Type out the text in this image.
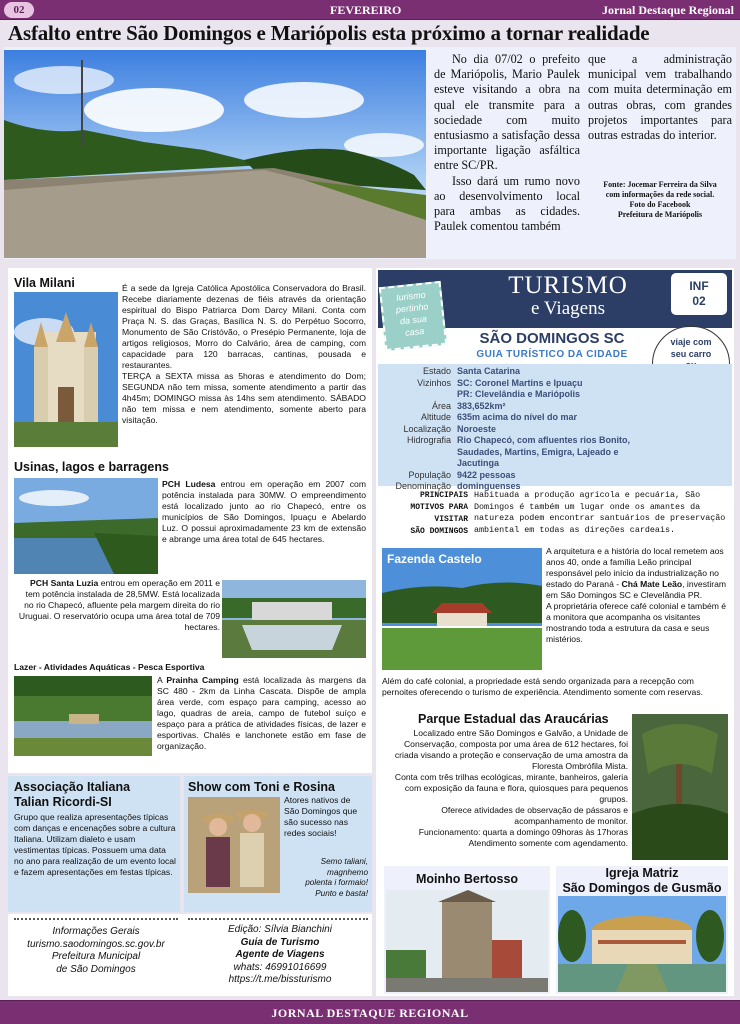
02	FEVEREIRO	Jornal Destaque Regional
Asfalto entre São Domingos e Mariópolis esta próximo a tornar realidade

No dia 07/02 o prefeito de Mariópolis, Mario Paulek esteve visitando a obra na qual ele transmite para a sociedade com muito entusiasmo a satisfação dessa importante ligação asfáltica entre SC/PR.

Isso dará um rumo novo ao desenvolvimento local para ambas as cidades. Paulek comentou também

que a administração municipal vem trabalhando com muita determinação em outras obras, com grandes projetos importantes para outras estradas do interior.

Fonte: Jocemar Ferreira da Silva
com informações da rede social.
Foto do Facebook
Prefeitura de Mariópolis
Vila Milani	É a sede da Igreja Católica Apostólica Conservadora do Brasil. Recebe diariamente dezenas de fiéis através da orientação espiritual do Bispo Patriarca Dom Darcy Milani. Conta com Praça N. S. das Graças, Basílica N. S. do Perpétuo Socorro, Monumento de São Cristóvão, o Presépio Permanente, loja de artigos religiosos, Morro do Calvário, área de camping, com capacidade para 120 barracas, cantinas, pousada e restaurantes.

TERÇA a SEXTA missa as 5horas e atendimento do Dom; SEGUNDA não tem missa, somente atendimento a partir das 4h45m; DOMINGO missa às 14hs sem atendimento. SÁBADO não tem missa e nem atendimento, somente aberto para visitação.

Usinas, lagos e barragens
PCH Ludesa entrou em operação em 2007 com potência instalada para 30MW. O empreendimento está localizado junto ao rio Chapecó, entre os municípios de São Domingos, Ipuaçu e Abelardo Luz. O possui aproximadamente 23 km de extensão e abrange uma área total de 645 hectares.
PCH Santa Luzia entrou em operação em 2011 e tem potência instalada de 28,5MW. Está localizada no rio Chapecó, afluente pela margem direita do rio Uruguai. O reservatório ocupa uma área total de 709 hectares.
Lazer - Atividades Aquáticas - Pesca Esportiva
A Prainha Camping está localizada às margens da SC 480 - 2km da Linha Cascata. Dispõe de ampla área verde, com espaço para camping, acesso ao lago, quadras de areia, campo de futebol suíço e espaço para a prática de atividades físicas, de lazer e esportivas. Chalés e lanchonete estão em fase de organização.
Associação Italiana
Talian Ricordi-SI
Grupo que realiza apresentações típicas com danças e encenações sobre a cultura Italiana. Utilizam dialeto e usam vestimentas típicas. Possuem uma data no ano para realização de um evento local e fazem apresentações em festas típicas.
Show com Toni e Rosina
Atores nativos de São Domingos que são sucesso nas redes sociais!
Semo taliani,
magnhemo
polenta i formaio!
Punto e basta!
Informações Gerais
turismo.saodomingos.sc.gov.br
Prefeitura Municipal
de São Domingos
Edição: Sílvia Bianchini
Guia de Turismo
Agente de Viagens
whats: 46991016699
https://t.me/bissturismo
turismo
pertinho
da sua
casa
TURISMO
e Viagens
INF
02
SÃO DOMINGOS SC
GUIA TURÍSTICO DA CIDADE
viaje com
seu carro
Estado	Santa Catarina
Vizinhos	SC: Coronel Martins e Ipuaçu
	PR: Clevelândia e Mariópolis
Área	383,652km²
Altitude	635m acima do nível do mar
Localização	Noroeste
Hidrografia	Rio Chapecó, com afluentes rios Bonito, Saudades, Martins, Emigra, Lajeado e Jacutinga
População	9422 pessoas
Denominação	dominguenses
PRINCIPAIS
MOTIVOS PARA
VISITAR
SÃO DOMINGOS
Habituada a produção agrícola e pecuária, São Domingos é também um lugar onde os amantes da natureza podem encontrar santuários de preservação ambiental em todas as direções cardeais.
Fazenda Castelo
A arquitetura e a história do local remetem aos anos 40, onde a família Leão principal responsável pelo início da industrialização no estado do Paraná - Chá Mate Leão, investiram em São Domingos SC e Clevelândia PR.

A proprietária oferece café colonial e também é a monitora que acompanha os visitantes mostrando toda a estrutura da casa e seus mistérios.

Além do café colonial, a propriedade está sendo organizada para a recepção com pernoites oferecendo o turismo de experiência. Atendimento somente com reservas.
Parque Estadual das Araucárias

Localizado entre São Domingos e Galvão, a Unidade de Conservação, composta por uma área de 612 hectares, foi criada visando a proteção e conservação de uma amostra da Floresta Ombrófila Mista.

Conta com três trilhas ecológicas, mirante, banheiros, galeria com exposição da fauna e flora, quiosques para pequenos grupos.

Oferece atividades de observação de pássaros e acompanhamento de monitor.

Funcionamento: quarta a domingo 09horas às 17horas

Atendimento somente com agendamento.

Moinho Bertosso	Igreja Matriz
São Domingos de Gusmão
JORNAL DESTAQUE REGIONAL
